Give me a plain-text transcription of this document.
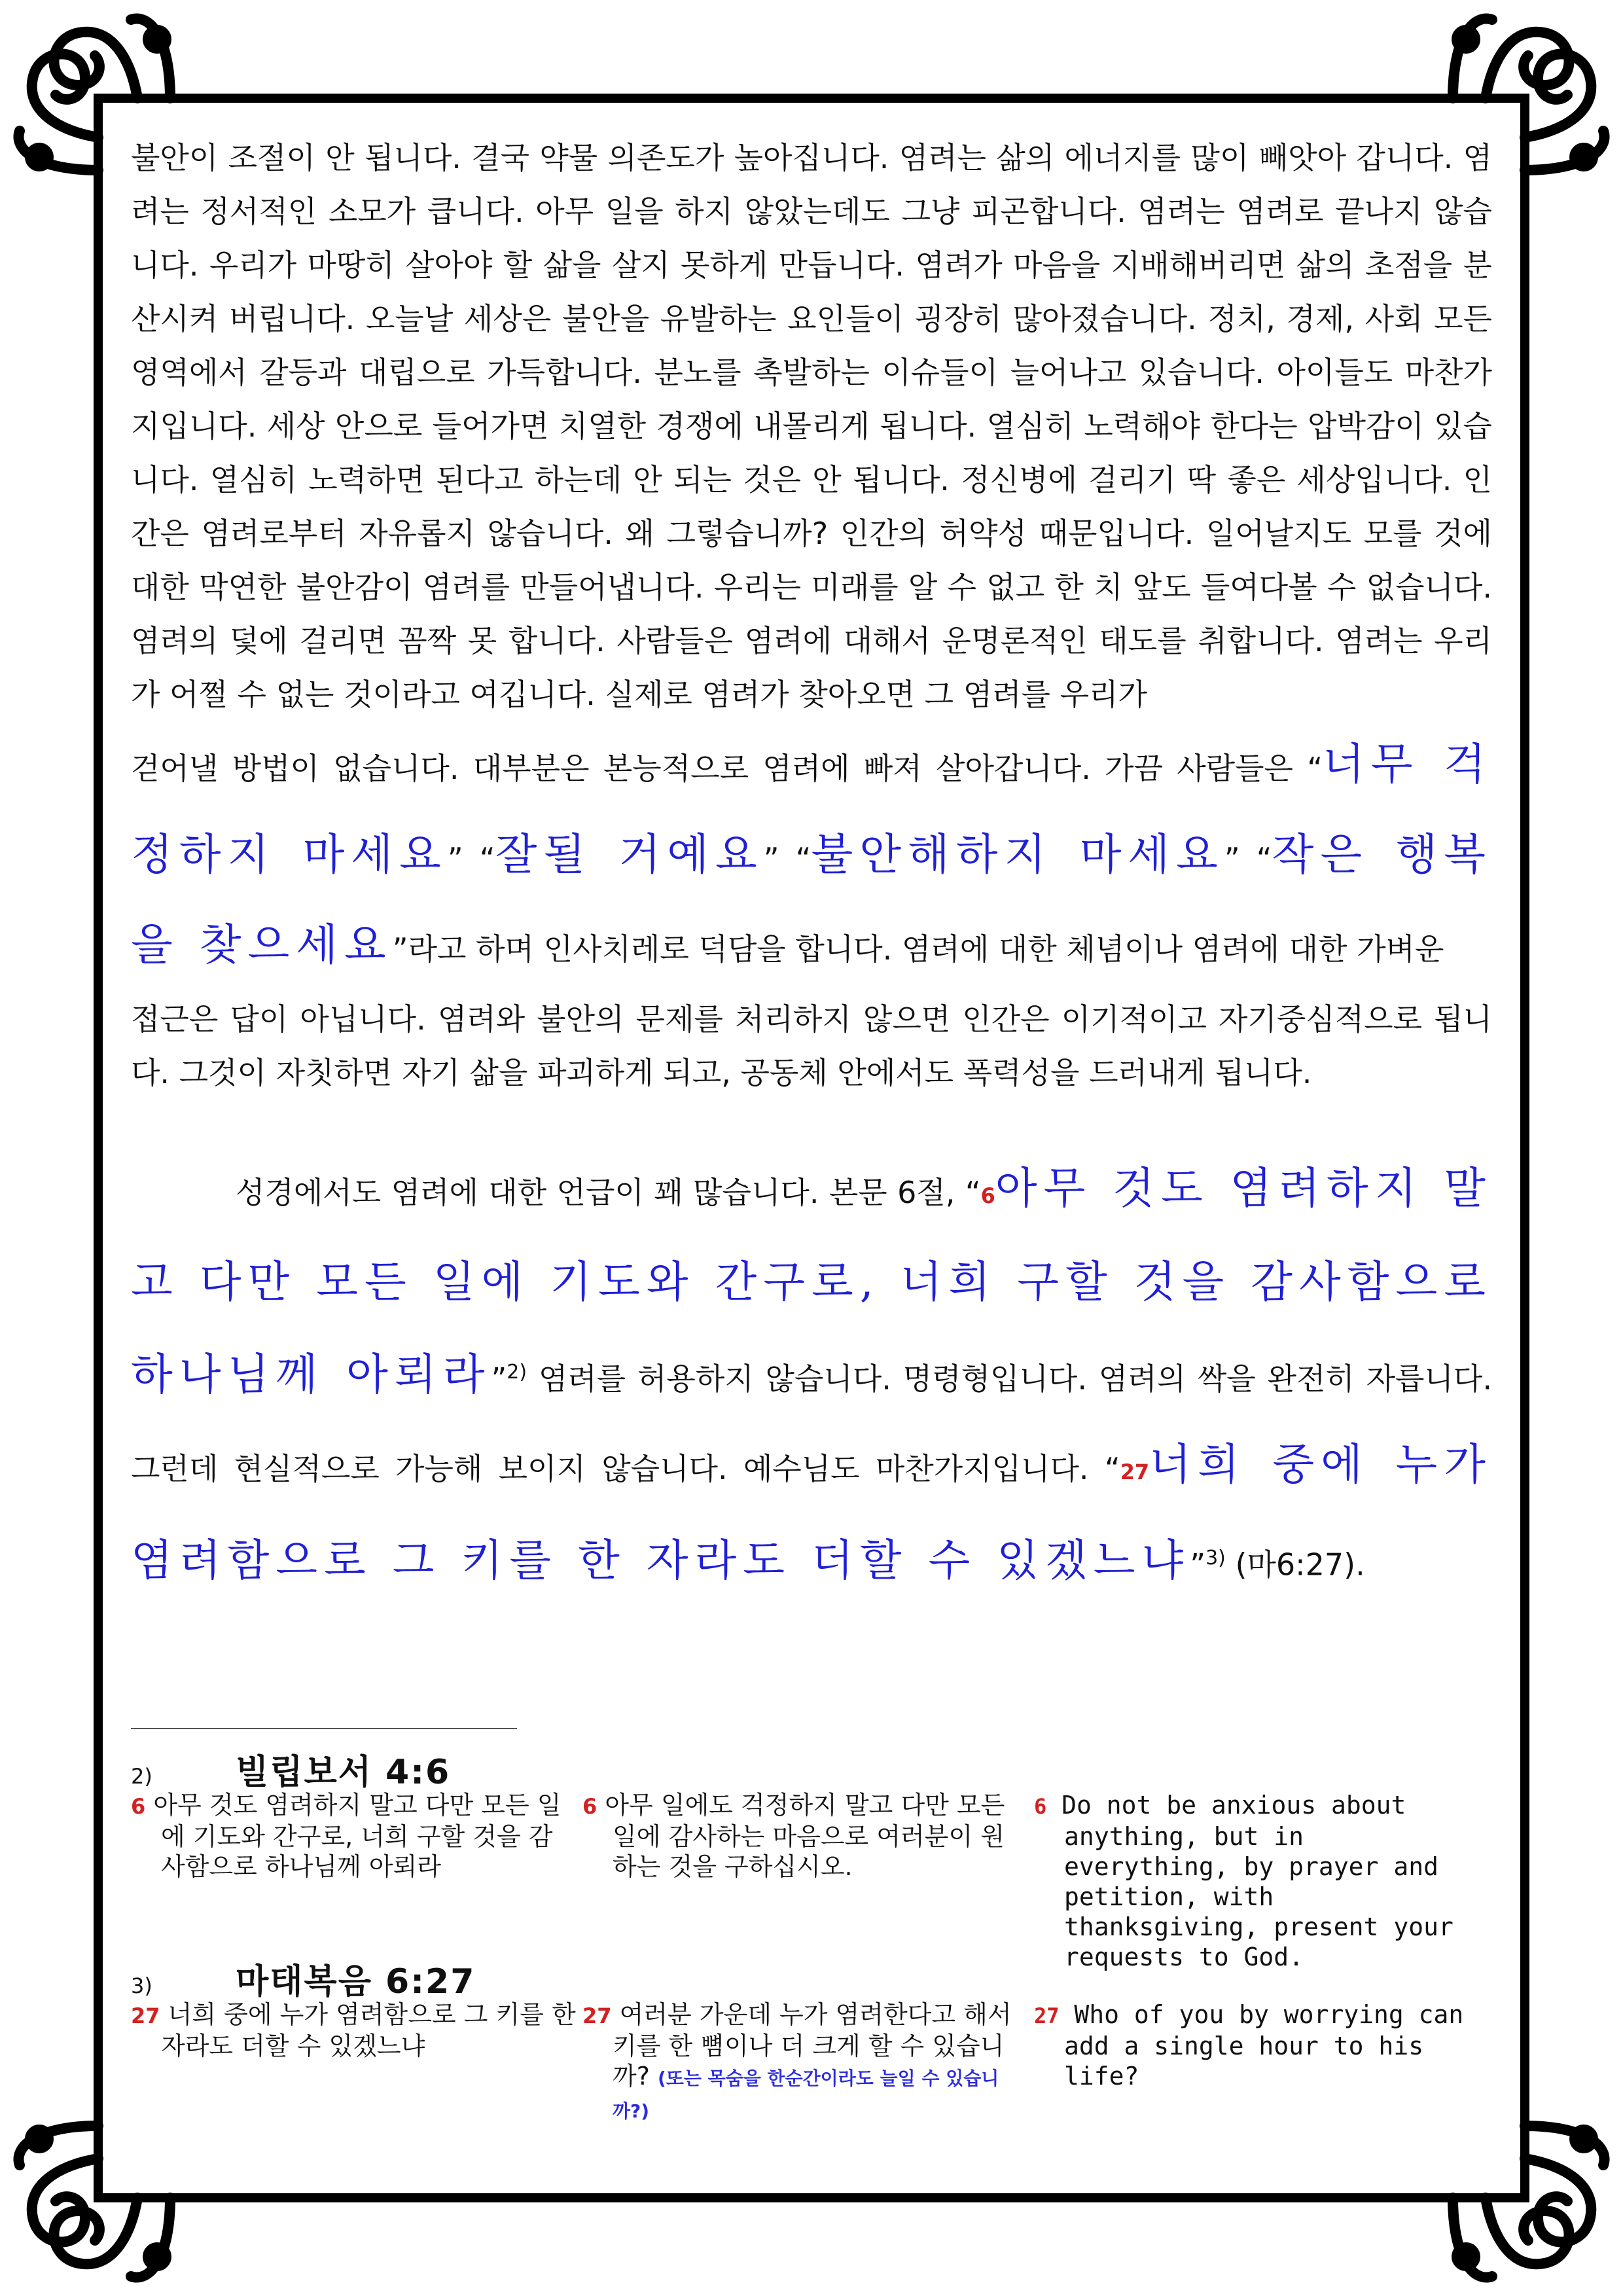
불안이 조절이 안 됩니다. 결국 약물 의존도가 높아집니다. 염려는 삶의 에너지를 많이 빼앗아 갑니다. 염려는 정서적인 소모가 큽니다. 아무 일을 하지 않았는데도 그냥 피곤합니다. 염려는 염려로 끝나지 않습니다. 우리가 마땅히 살아야 할 삶을 살지 못하게 만듭니다. 염려가 마음을 지배해버리면 삶의 초점을 분산시켜 버립니다. 오늘날 세상은 불안을 유발하는 요인들이 굉장히 많아졌습니다. 정치, 경제, 사회 모든 영역에서 갈등과 대립으로 가득합니다. 분노를 촉발하는 이슈들이 늘어나고 있습니다. 아이들도 마찬가지입니다. 세상 안으로 들어가면 치열한 경쟁에 내몰리게 됩니다. 열심히 노력해야 한다는 압박감이 있습니다. 열심히 노력하면 된다고 하는데 안 되는 것은 안 됩니다. 정신병에 걸리기 딱 좋은 세상입니다. 인간은 염려로부터 자유롭지 않습니다. 왜 그렇습니까? 인간의 허약성 때문입니다. 일어날지도 모를 것에 대한 막연한 불안감이 염려를 만들어냅니다. 우리는 미래를 알 수 없고 한 치 앞도 들여다볼 수 없습니다. 염려의 덫에 걸리면 꼼짝 못 합니다. 사람들은 염려에 대해서 운명론적인 태도를 취합니다. 염려는 우리가 어쩔 수 없는 것이라고 여깁니다. 실제로 염려가 찾아오면 그 염려를 우리가

걷어낼 방법이 없습니다. 대부분은 본능적으로 염려에 빠져 살아갑니다. 가끔 사람들은 “너무 걱정하지 마세요” “잘될 거예요” “불안해하지 마세요” “작은 행복을 찾으세요”라고 하며 인사치레로 덕담을 합니다. 염려에 대한 체념이나 염려에 대한 가벼운

접근은 답이 아닙니다. 염려와 불안의 문제를 처리하지 않으면 인간은 이기적이고 자기중심적으로 됩니다. 그것이 자칫하면 자기 삶을 파괴하게 되고, 공동체 안에서도 폭력성을 드러내게 됩니다.

성경에서도 염려에 대한 언급이 꽤 많습니다. 본문 6절, “6아무 것도 염려하지 말고 다만 모든 일에 기도와 간구로, 너희 구할 것을 감사함으로 하나님께 아뢰라”$^{2)}$ 염려를 허용하지 않습니다. 명령형입니다. 염려의 싹을 완전히 자릅니다. 그런데 현실적으로 가능해 보이지 않습니다. 예수님도 마찬가지입니다. “27너희 중에 누가 염려함으로 그 키를 한 자라도 더할 수 있겠느냐”$^{3)}$ (마6:27).

2)	빌립보서 4:6
6 아무 것도 염려하지 말고 다만 모든 일에 기도와 간구로, 너희 구할 것을 감사함으로 하나님께 아뢰라
6 아무 일에도 걱정하지 말고 다만 모든 일에 감사하는 마음으로 여러분이 원하는 것을 구하십시오.
6 Do not be anxious about anything, but in everything, by prayer and petition, with thanksgiving, present your requests to God.
3)	마태복음 6:27
27 너희 중에 누가 염려함으로 그 키를 한 자라도 더할 수 있겠느냐
27 여러분 가운데 누가 염려한다고 해서 키를 한 뼘이나 더 크게 할 수 있습니까? (또는 목숨을 한순간이라도 늘일 수 있습니까?)
27 Who of you by worrying can add a single hour to his life?
